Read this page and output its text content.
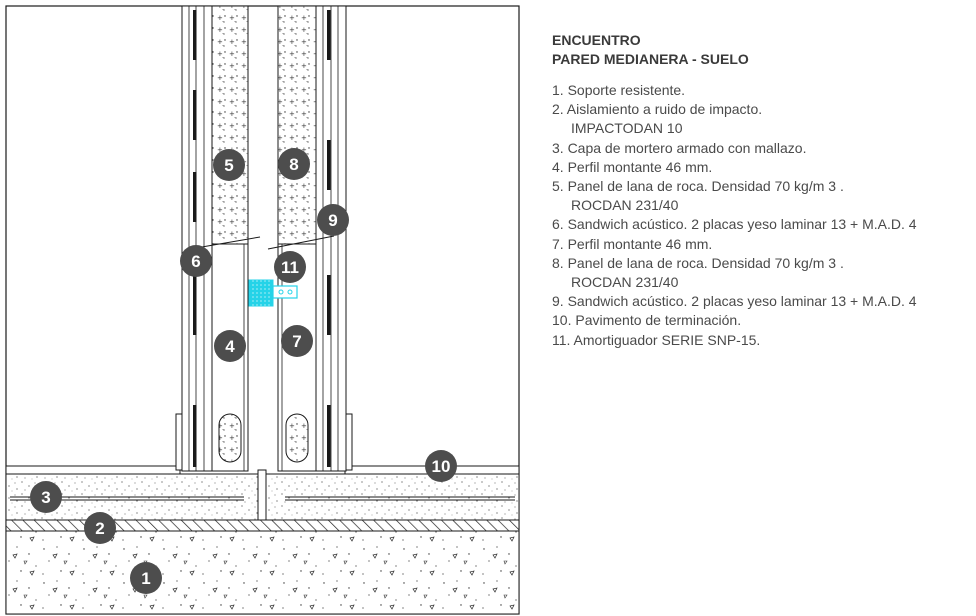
1
2
3
4
5
6
7
8
9
10
11
ENCUENTRO
PARED MEDIANERA - SUELO
1. Soporte resistente.
2. Aislamiento a ruido de impacto.
IMPACTODAN 10
3. Capa de mortero armado con mallazo.
4. Perfil montante 46 mm.
5. Panel de lana de roca. Densidad 70 kg/m 3 .
ROCDAN 231/40
6. Sandwich acústico. 2 placas yeso laminar 13 + M.A.D. 4
7. Perfil montante 46 mm.
8. Panel de lana de roca. Densidad 70 kg/m 3 .
ROCDAN 231/40
9. Sandwich acústico. 2 placas yeso laminar 13 + M.A.D. 4
10. Pavimento de terminación.
11. Amortiguador SERIE SNP-15.
